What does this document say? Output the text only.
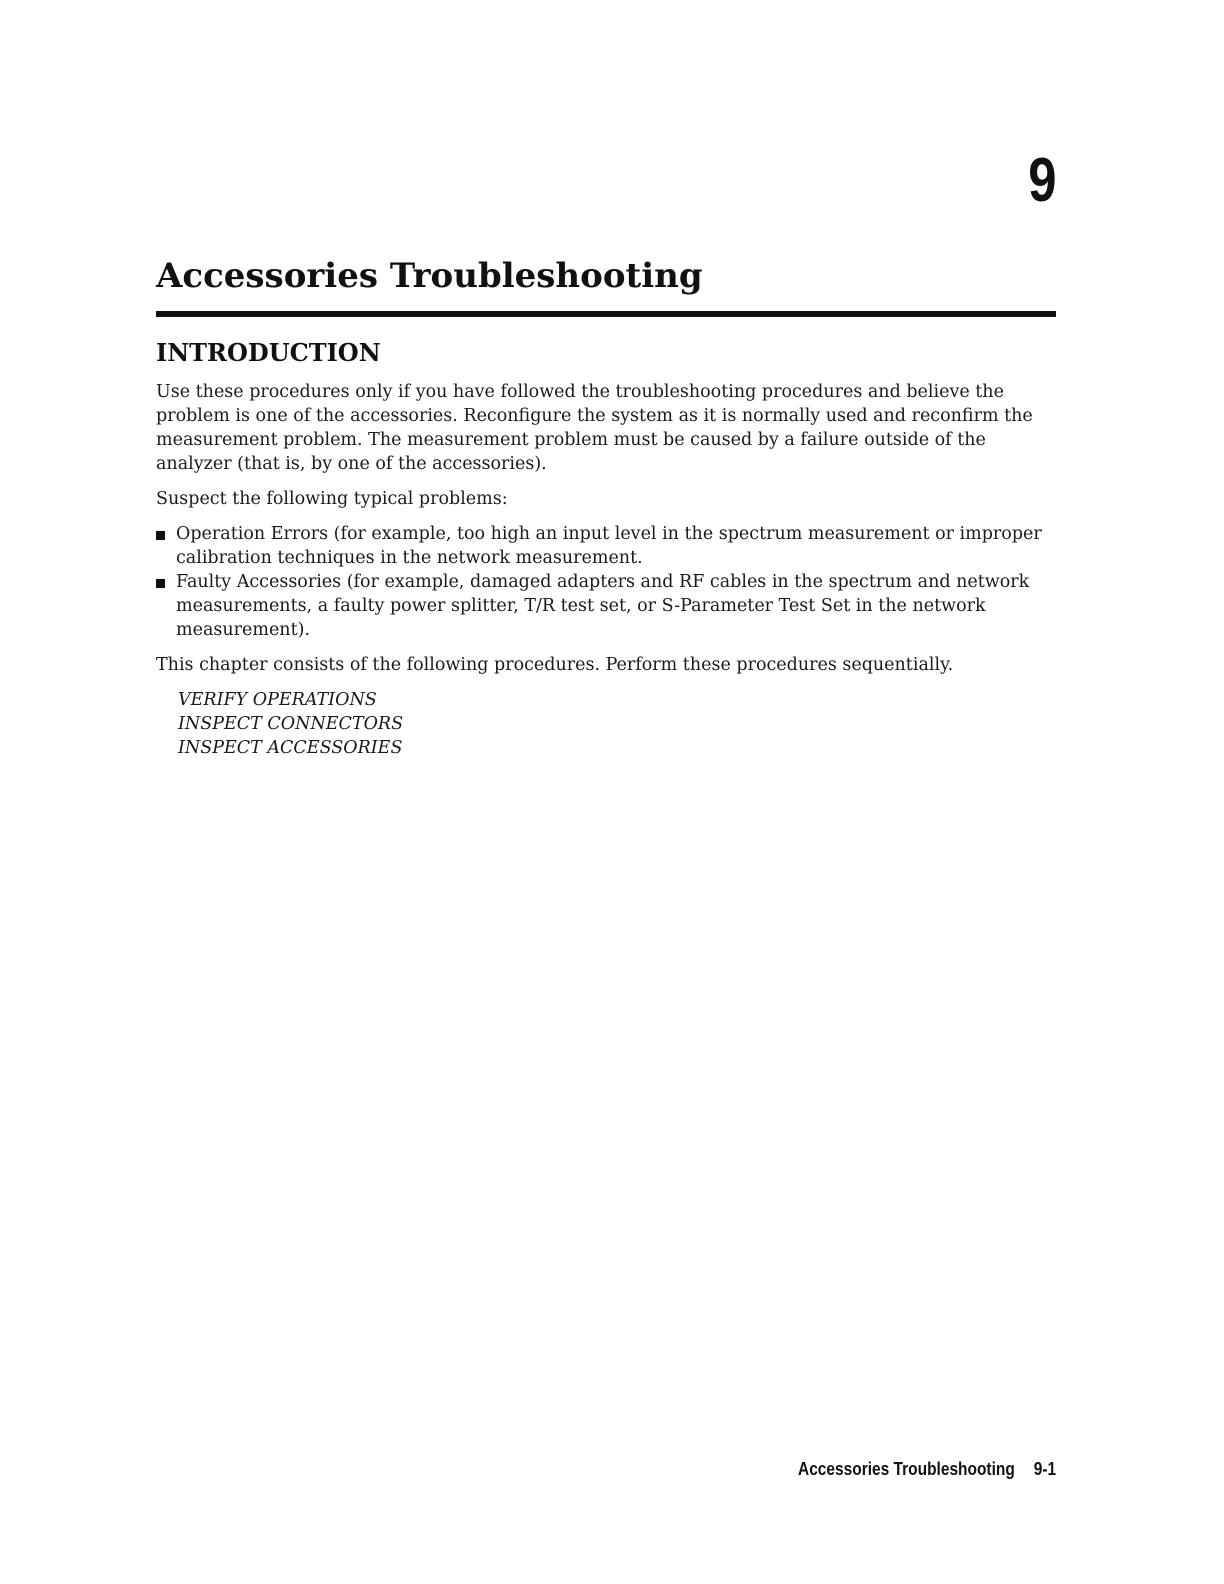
9
Accessories Troubleshooting
INTRODUCTION

Use these procedures only if you have followed the troubleshooting procedures and believe the problem is one of the accessories. Reconfigure the system as it is normally used and reconfirm the measurement problem. The measurement problem must be caused by a failure outside of the analyzer (that is, by one of the accessories).

Suspect the following typical problems:

Operation Errors (for example, too high an input level in the spectrum measurement or improper calibration techniques in the network measurement.
Faulty Accessories (for example, damaged adapters and RF cables in the spectrum and network measurements, a faulty power splitter, T/R test set, or S-Parameter Test Set in the network measurement).

This chapter consists of the following procedures. Perform these procedures sequentially.

VERIFY OPERATIONS
INSPECT CONNECTORS
INSPECT ACCESSORIES
Accessories Troubleshooting 9-1
